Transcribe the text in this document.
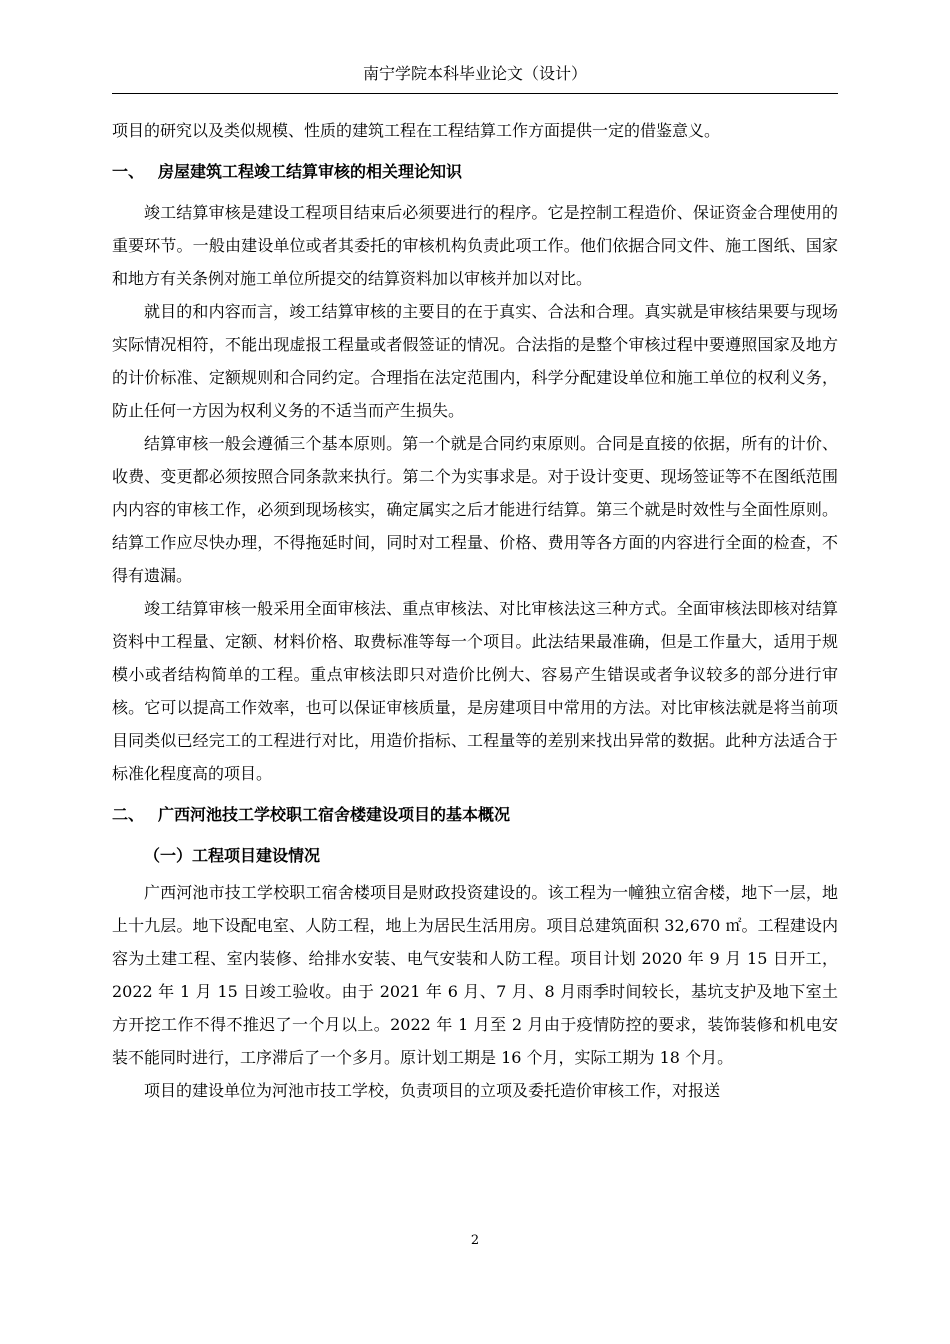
南宁学院本科毕业论文（设计）

项目的研究以及类似规模、性质的建筑工程在工程结算工作方面提供一定的借鉴意义。

一、 房屋建筑工程竣工结算审核的相关理论知识

竣工结算审核是建设工程项目结束后必须要进行的程序。它是控制工程造价、保证资金合理使用的重要环节。一般由建设单位或者其委托的审核机构负责此项工作。他们依据合同文件、施工图纸、国家和地方有关条例对施工单位所提交的结算资料加以审核并加以对比。

就目的和内容而言，竣工结算审核的主要目的在于真实、合法和合理。真实就是审核结果要与现场实际情况相符，不能出现虚报工程量或者假签证的情况。合法指的是整个审核过程中要遵照国家及地方的计价标准、定额规则和合同约定。合理指在法定范围内，科学分配建设单位和施工单位的权利义务，防止任何一方因为权利义务的不适当而产生损失。

结算审核一般会遵循三个基本原则。第一个就是合同约束原则。合同是直接的依据，所有的计价、收费、变更都必须按照合同条款来执行。第二个为实事求是。对于设计变更、现场签证等不在图纸范围内内容的审核工作，必须到现场核实，确定属实之后才能进行结算。第三个就是时效性与全面性原则。结算工作应尽快办理，不得拖延时间，同时对工程量、价格、费用等各方面的内容进行全面的检查，不得有遗漏。

竣工结算审核一般采用全面审核法、重点审核法、对比审核法这三种方式。全面审核法即核对结算资料中工程量、定额、材料价格、取费标准等每一个项目。此法结果最准确，但是工作量大，适用于规模小或者结构简单的工程。重点审核法即只对造价比例大、容易产生错误或者争议较多的部分进行审核。它可以提高工作效率，也可以保证审核质量，是房建项目中常用的方法。对比审核法就是将当前项目同类似已经完工的工程进行对比，用造价指标、工程量等的差别来找出异常的数据。此种方法适合于标准化程度高的项目。

二、 广西河池技工学校职工宿舍楼建设项目的基本概况
（一）工程项目建设情况

广西河池市技工学校职工宿舍楼项目是财政投资建设的。该工程为一幢独立宿舍楼，地下一层，地上十九层。地下设配电室、人防工程，地上为居民生活用房。项目总建筑面积 32,670 ㎡。工程建设内容为土建工程、室内装修、给排水安装、电气安装和人防工程。项目计划 2020 年 9 月 15 日开工，2022 年 1 月 15 日竣工验收。由于 2021 年 6 月、7 月、8 月雨季时间较长，基坑支护及地下室土方开挖工作不得不推迟了一个月以上。2022 年 1 月至 2 月由于疫情防控的要求，装饰装修和机电安装不能同时进行，工序滞后了一个多月。原计划工期是 16 个月，实际工期为 18 个月。

项目的建设单位为河池市技工学校，负责项目的立项及委托造价审核工作，对报送

2
